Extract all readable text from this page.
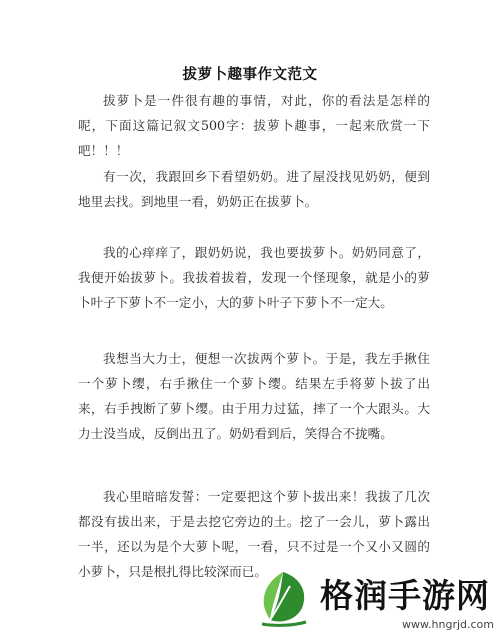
拔萝卜趣事作文范文

拔萝卜是一件很有趣的事情，对此，你的看法是怎样的呢，下面这篇记叙文500字：拔萝卜趣事，一起来欣赏一下吧！！！

有一次，我跟回乡下看望奶奶。进了屋没找见奶奶，便到地里去找。到地里一看，奶奶正在拔萝卜。

我的心痒痒了，跟奶奶说，我也要拔萝卜。奶奶同意了，我便开始拔萝卜。我拔着拔着，发现一个怪现象，就是小的萝卜叶子下萝卜不一定小，大的萝卜叶子下萝卜不一定大。

我想当大力士，便想一次拔两个萝卜。于是，我左手揪住一个萝卜缨，右手揪住一个萝卜缨。结果左手将萝卜拔了出来，右手拽断了萝卜缨。由于用力过猛，摔了一个大跟头。大力士没当成，反倒出丑了。奶奶看到后，笑得合不拢嘴。

我心里暗暗发誓：一定要把这个萝卜拔出来！我拔了几次都没有拔出来，于是去挖它旁边的土。挖了一会儿，萝卜露出一半，还以为是个大萝卜呢，一看，只不过是一个又小又圆的小萝卜，只是根扎得比较深而已。

格润手游网
www.hngrjd.com
